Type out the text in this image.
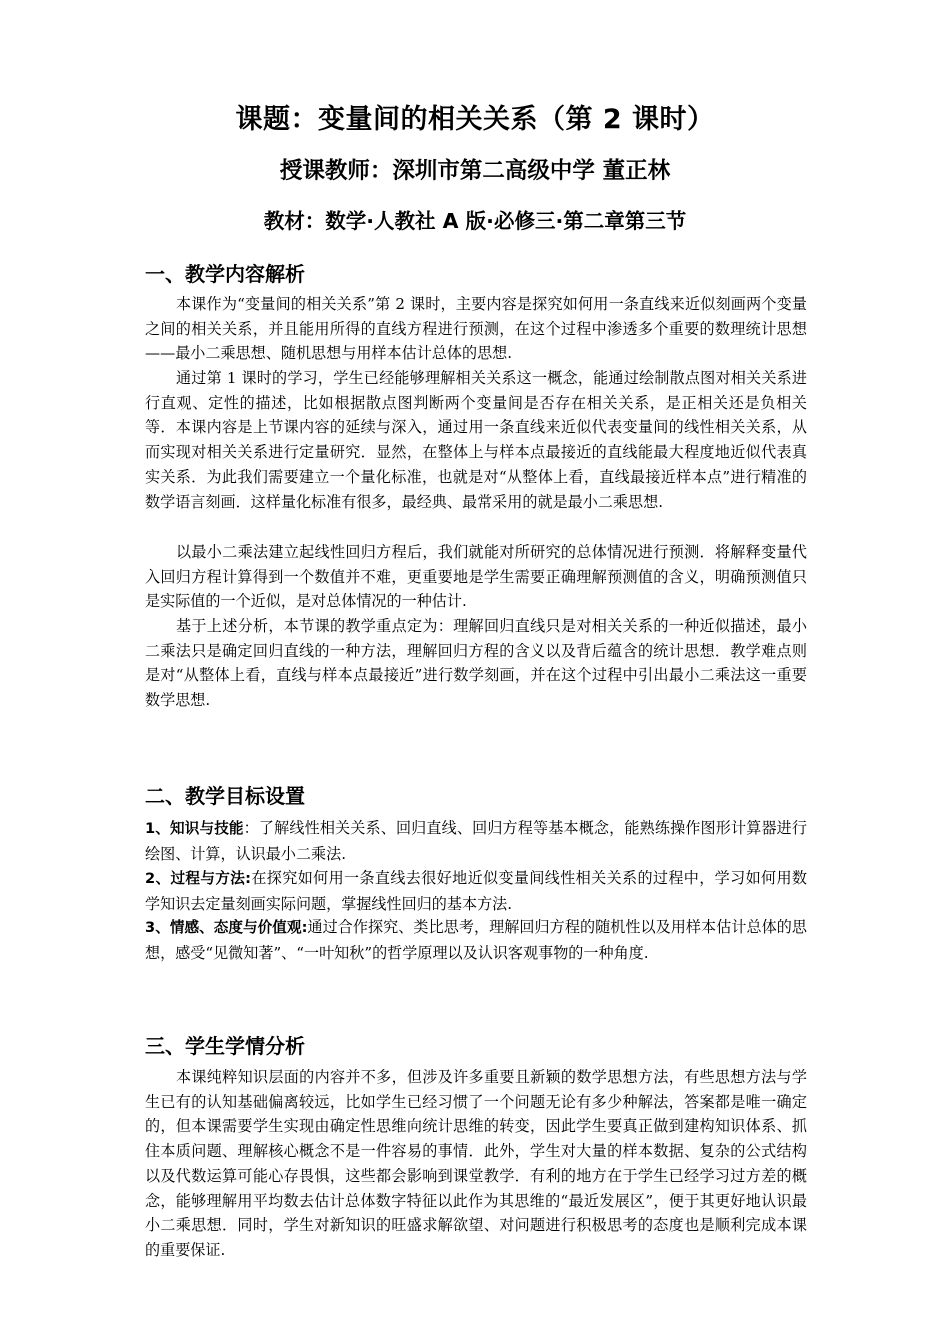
课题：变量间的相关关系（第 2 课时）
授课教师：深圳市第二高级中学 董正林
教材：数学·人教社 A 版·必修三·第二章第三节
一、教学内容解析

本课作为“变量间的相关关系”第 2 课时，主要内容是探究如何用一条直线来近似刻画两个变量之间的相关关系，并且能用所得的直线方程进行预测，在这个过程中渗透多个重要的数理统计思想——最小二乘思想、随机思想与用样本估计总体的思想.

通过第 1 课时的学习，学生已经能够理解相关关系这一概念，能通过绘制散点图对相关关系进行直观、定性的描述，比如根据散点图判断两个变量间是否存在相关关系，是正相关还是负相关等．本课内容是上节课内容的延续与深入，通过用一条直线来近似代表变量间的线性相关关系，从而实现对相关关系进行定量研究．显然，在整体上与样本点最接近的直线能最大程度地近似代表真实关系．为此我们需要建立一个量化标准，也就是对“从整体上看，直线最接近样本点”进行精准的数学语言刻画．这样量化标准有很多，最经典、最常采用的就是最小二乘思想.

以最小二乘法建立起线性回归方程后，我们就能对所研究的总体情况进行预测．将解释变量代入回归方程计算得到一个数值并不难，更重要地是学生需要正确理解预测值的含义，明确预测值只是实际值的一个近似，是对总体情况的一种估计.

基于上述分析，本节课的教学重点定为：理解回归直线只是对相关关系的一种近似描述，最小二乘法只是确定回归直线的一种方法，理解回归方程的含义以及背后蕴含的统计思想．教学难点则是对“从整体上看，直线与样本点最接近”进行数学刻画，并在这个过程中引出最小二乘法这一重要数学思想.

二、教学目标设置

1、知识与技能：了解线性相关关系、回归直线、回归方程等基本概念，能熟练操作图形计算器进行绘图、计算，认识最小二乘法.

2、过程与方法:在探究如何用一条直线去很好地近似变量间线性相关关系的过程中，学习如何用数学知识去定量刻画实际问题，掌握线性回归的基本方法.

3、情感、态度与价值观:通过合作探究、类比思考，理解回归方程的随机性以及用样本估计总体的思想，感受“见微知著”、“一叶知秋”的哲学原理以及认识客观事物的一种角度.

三、学生学情分析

本课纯粹知识层面的内容并不多，但涉及许多重要且新颖的数学思想方法，有些思想方法与学生已有的认知基础偏离较远，比如学生已经习惯了一个问题无论有多少种解法，答案都是唯一确定的，但本课需要学生实现由确定性思维向统计思维的转变，因此学生要真正做到建构知识体系、抓住本质问题、理解核心概念不是一件容易的事情．此外，学生对大量的样本数据、复杂的公式结构以及代数运算可能心存畏惧，这些都会影响到课堂教学．有利的地方在于学生已经学习过方差的概念，能够理解用平均数去估计总体数字特征以此作为其思维的“最近发展区”，便于其更好地认识最小二乘思想．同时，学生对新知识的旺盛求解欲望、对问题进行积极思考的态度也是顺利完成本课的重要保证.
